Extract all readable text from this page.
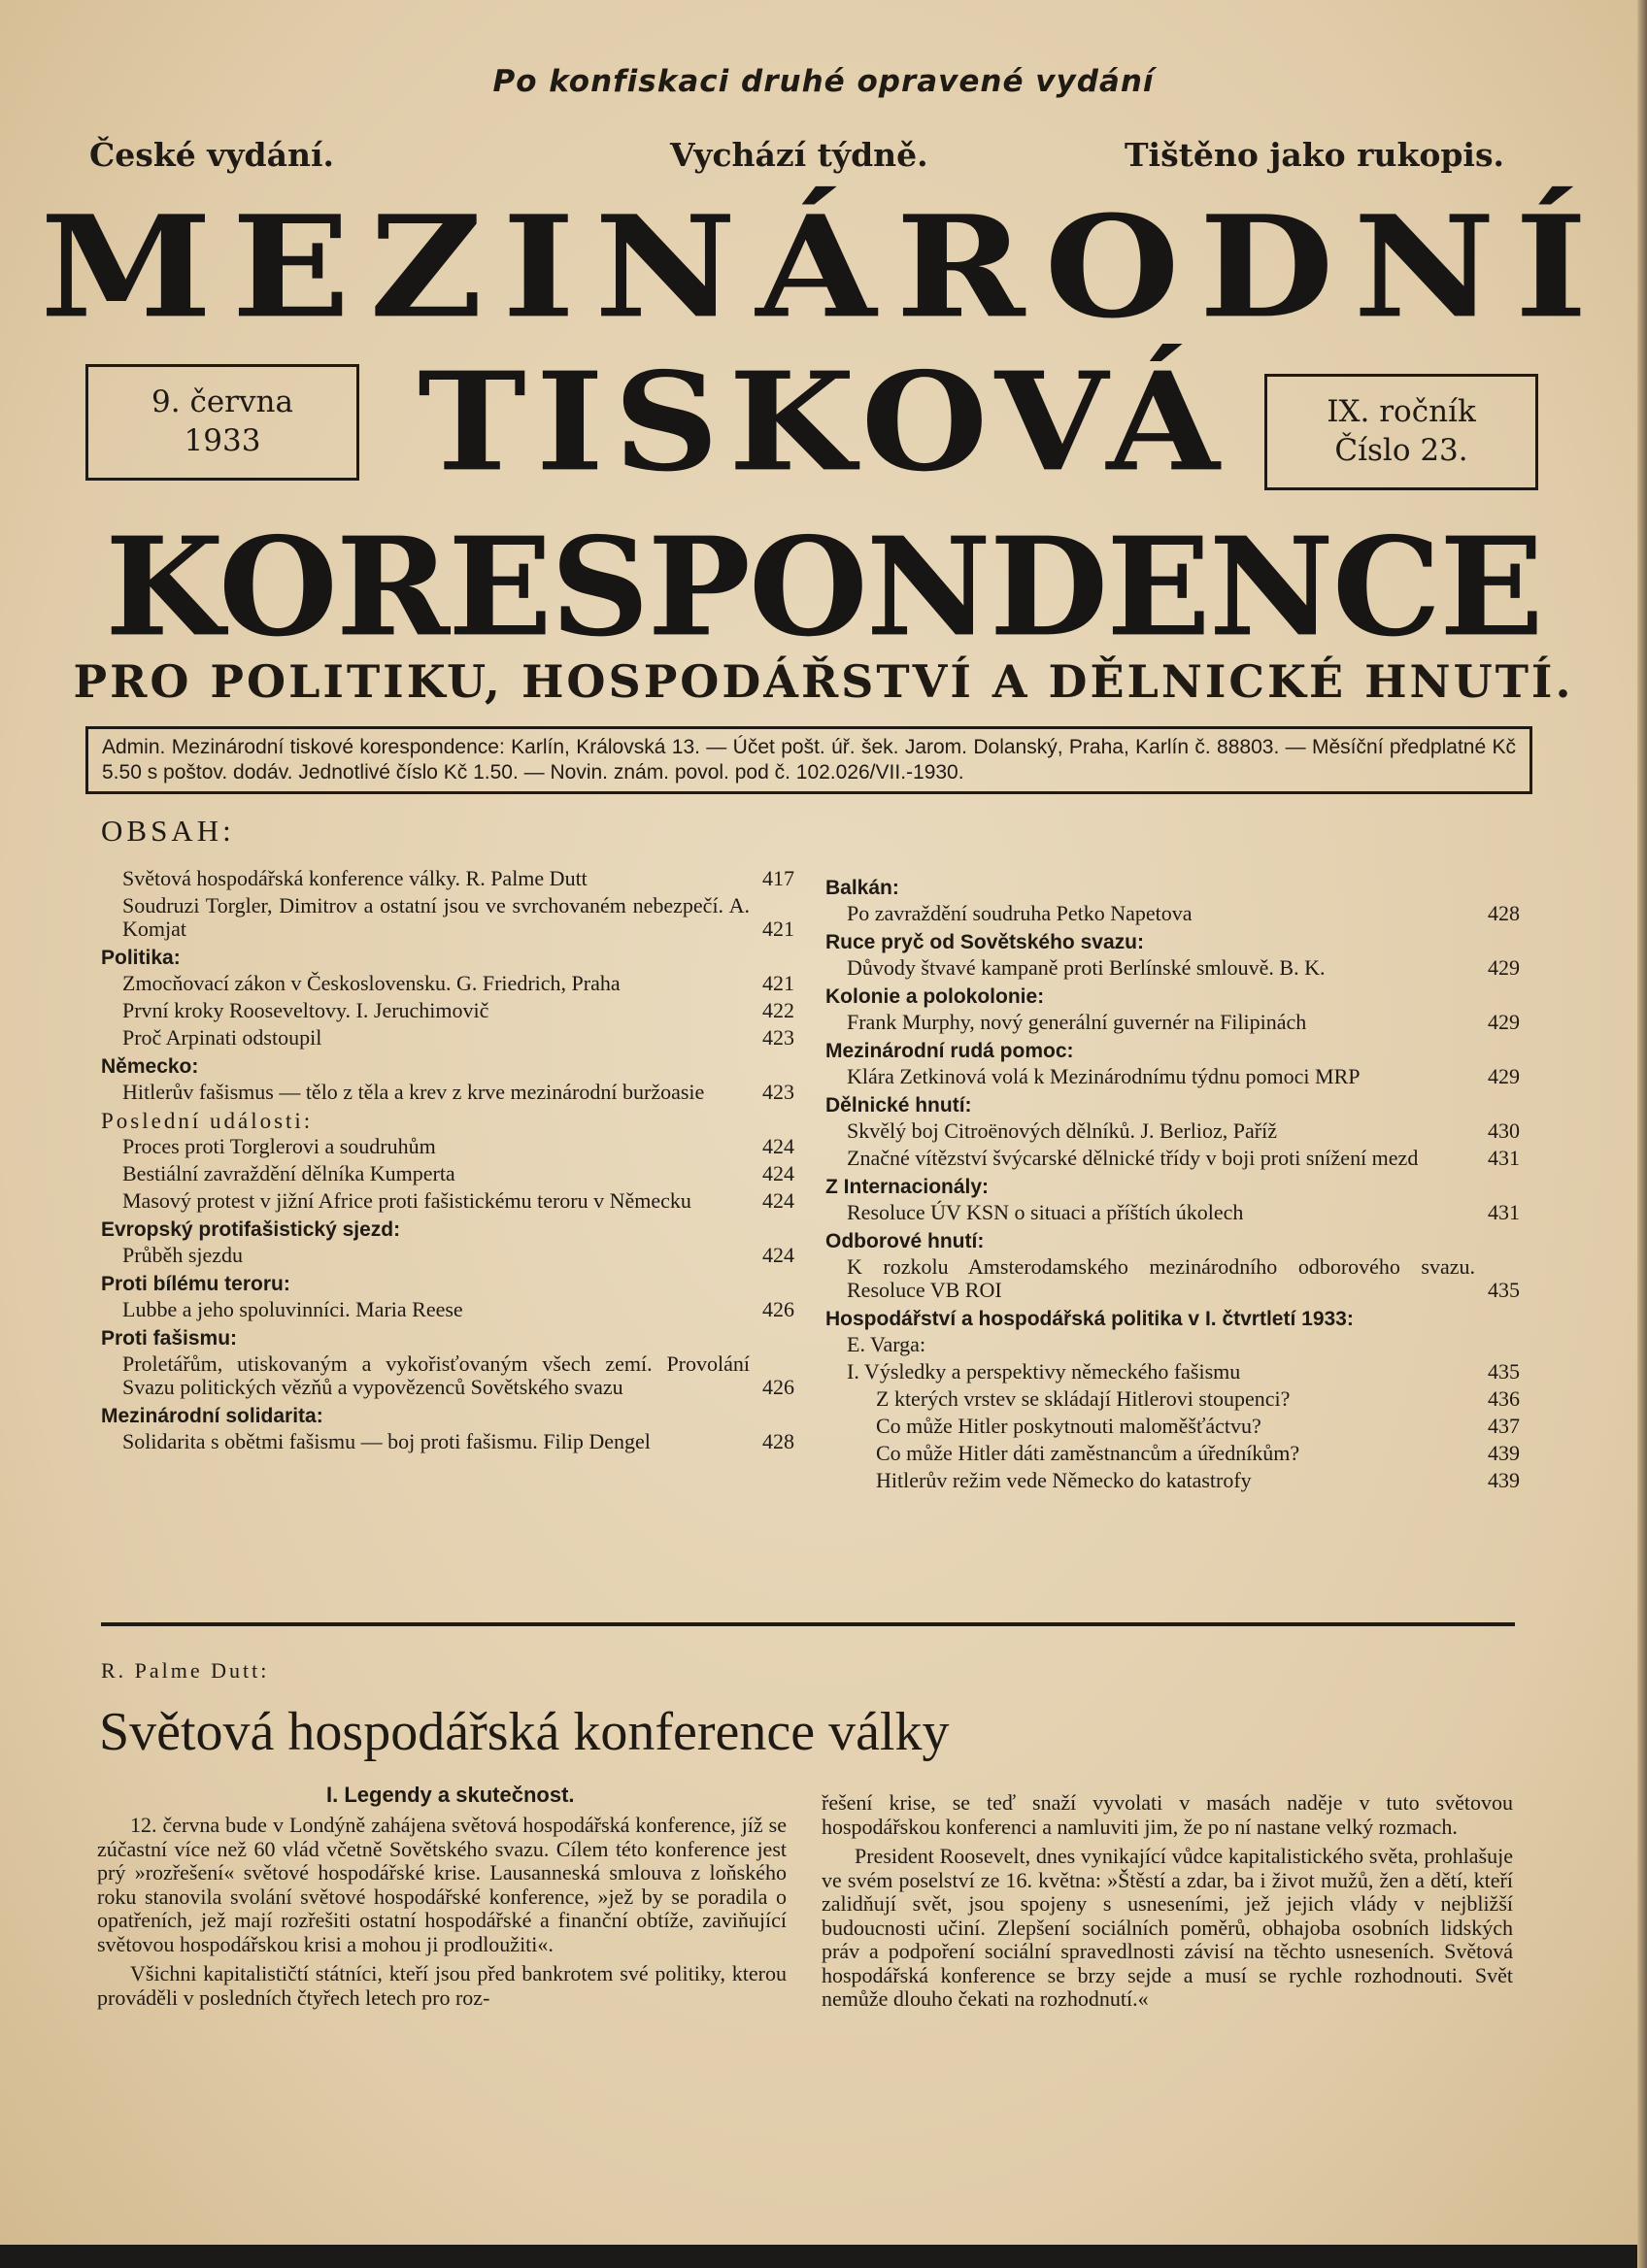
Po konfiskaci druhé opravené vydání
České vydání.	Vychází týdně.	Tištěno jako rukopis.
MEZINÁRODNÍ
TISKOVÁ
KORESPONDENCE
9. června
1933
IX. ročník
Číslo 23.
PRO POLITIKU, HOSPODÁŘSTVÍ A DĚLNICKÉ HNUTÍ.
Admin. Mezinárodní tiskové korespondence: Karlín, Královská 13. — Účet pošt. úř. šek. Jarom. Dolanský, Praha, Karlín č. 88803. — Měsíční předplatné Kč 5.50 s poštov. dodáv. Jednotlivé číslo Kč 1.50. — Novin. znám. povol. pod č. 102.026/VII.-1930.
OBSAH:
Světová hospodářská konference války. R. Palme Dutt	417
Soudruzi Torgler, Dimitrov a ostatní jsou ve svrchovaném nebezpečí. A. Komjat	421
Politika:
Zmocňovací zákon v Československu. G. Friedrich, Praha	421
První kroky Rooseveltovy. I. Jeruchimovič	422
Proč Arpinati odstoupil	423
Německo:
Hitlerův fašismus — tělo z těla a krev z krve mezinárodní buržoasie	423
Poslední události:
Proces proti Torglerovi a soudruhům	424
Bestiální zavraždění dělníka Kumperta	424
Masový protest v jižní Africe proti fašistickému teroru v Německu	424
Evropský protifašistický sjezd:
Průběh sjezdu	424
Proti bílému teroru:
Lubbe a jeho spoluvinníci. Maria Reese	426
Proti fašismu:
Proletářům, utiskovaným a vykořisťovaným všech zemí. Provolání Svazu politických vězňů a vypovězenců Sovětského svazu	426
Mezinárodní solidarita:
Solidarita s obětmi fašismu — boj proti fašismu. Filip Dengel	428
Balkán:
Po zavraždění soudruha Petko Napetova	428
Ruce pryč od Sovětského svazu:
Důvody štvavé kampaně proti Berlínské smlouvě. B. K.	429
Kolonie a polokolonie:
Frank Murphy, nový generální guvernér na Filipinách	429
Mezinárodní rudá pomoc:
Klára Zetkinová volá k Mezinárodnímu týdnu pomoci MRP	429
Dělnické hnutí:
Skvělý boj Citroënových dělníků. J. Berlioz, Paříž	430
Značné vítězství švýcarské dělnické třídy v boji proti snížení mezd	431
Z Internacionály:
Resoluce ÚV KSN o situaci a příštích úkolech	431
Odborové hnutí:
K rozkolu Amsterodamského mezinárodního odborového svazu. Resoluce VB ROI	435
Hospodářství a hospodářská politika v I. čtvrtletí 1933:
E. Varga:
I. Výsledky a perspektivy německého fašismu	435
Z kterých vrstev se skládají Hitlerovi stoupenci?	436
Co může Hitler poskytnouti maloměšťáctvu?	437
Co může Hitler dáti zaměstnancům a úředníkům?	439
Hitlerův režim vede Německo do katastrofy	439
R. Palme Dutt:
Světová hospodářská konference války
I. Legendy a skutečnost.

12. června bude v Londýně zahájena světová hospodářská konference, jíž se zúčastní více než 60 vlád včetně Sovětského svazu. Cílem této konference jest prý »rozřešení« světové hospodářské krise. Lausanneská smlouva z loňského roku stanovila svolání světové hospodářské konference, »jež by se poradila o opatřeních, jež mají rozřešiti ostatní hospodářské a finanční obtíže, zaviňující světovou hospodářskou krisi a mohou ji prodloužiti«.

Všichni kapitalističtí státníci, kteří jsou před bankrotem své politiky, kterou prováděli v posledních čtyřech letech pro roz-

řešení krise, se teď snaží vyvolati v masách naděje v tuto světovou hospodářskou konferenci a namluviti jim, že po ní nastane velký rozmach.

President Roosevelt, dnes vynikající vůdce kapitalistického světa, prohlašuje ve svém poselství ze 16. května: »Štěstí a zdar, ba i život mužů, žen a dětí, kteří zalidňují svět, jsou spojeny s usneseními, jež jejich vlády v nejbližší budoucnosti učiní. Zlepšení sociálních poměrů, obhajoba osobních lidských práv a podpoření sociální spravedlnosti závisí na těchto usneseních. Světová hospodářská konference se brzy sejde a musí se rychle rozhodnouti. Svět nemůže dlouho čekati na rozhodnutí.«
